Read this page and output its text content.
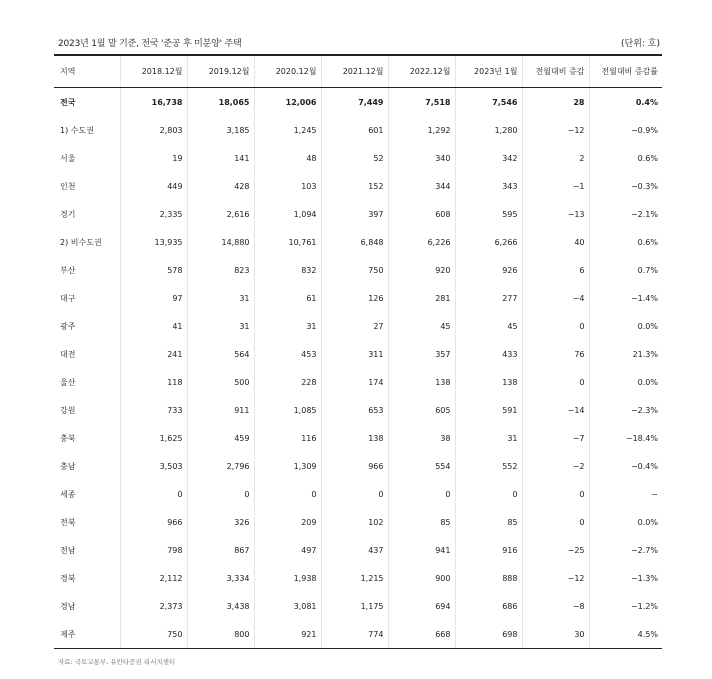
2023년 1월 말 기준, 전국 '준공 후 미분양' 주택	(단위: 호)
지역	2018.12월	2019.12월	2020.12월	2021.12월	2022.12월	2023년 1월	전월대비 증감	전월대비 증감률
전국	16,738	18,065	12,006	7,449	7,518	7,546	28	0.4%
1) 수도권	2,803	3,185	1,245	601	1,292	1,280	−12	−0.9%
서울	19	141	48	52	340	342	2	0.6%
인천	449	428	103	152	344	343	−1	−0.3%
경기	2,335	2,616	1,094	397	608	595	−13	−2.1%
2) 비수도권	13,935	14,880	10,761	6,848	6,226	6,266	40	0.6%
부산	578	823	832	750	920	926	6	0.7%
대구	97	31	61	126	281	277	−4	−1.4%
광주	41	31	31	27	45	45	0	0.0%
대전	241	564	453	311	357	433	76	21.3%
울산	118	500	228	174	138	138	0	0.0%
강원	733	911	1,085	653	605	591	−14	−2.3%
충북	1,625	459	116	138	38	31	−7	−18.4%
충남	3,503	2,796	1,309	966	554	552	−2	−0.4%
세종	0	0	0	0	0	0	0	−
전북	966	326	209	102	85	85	0	0.0%
전남	798	867	497	437	941	916	−25	−2.7%
경북	2,112	3,334	1,938	1,215	900	888	−12	−1.3%
경남	2,373	3,438	3,081	1,175	694	686	−8	−1.2%
제주	750	800	921	774	668	698	30	4.5%
자료: 국토교통부, 유안타증권 리서치센터
